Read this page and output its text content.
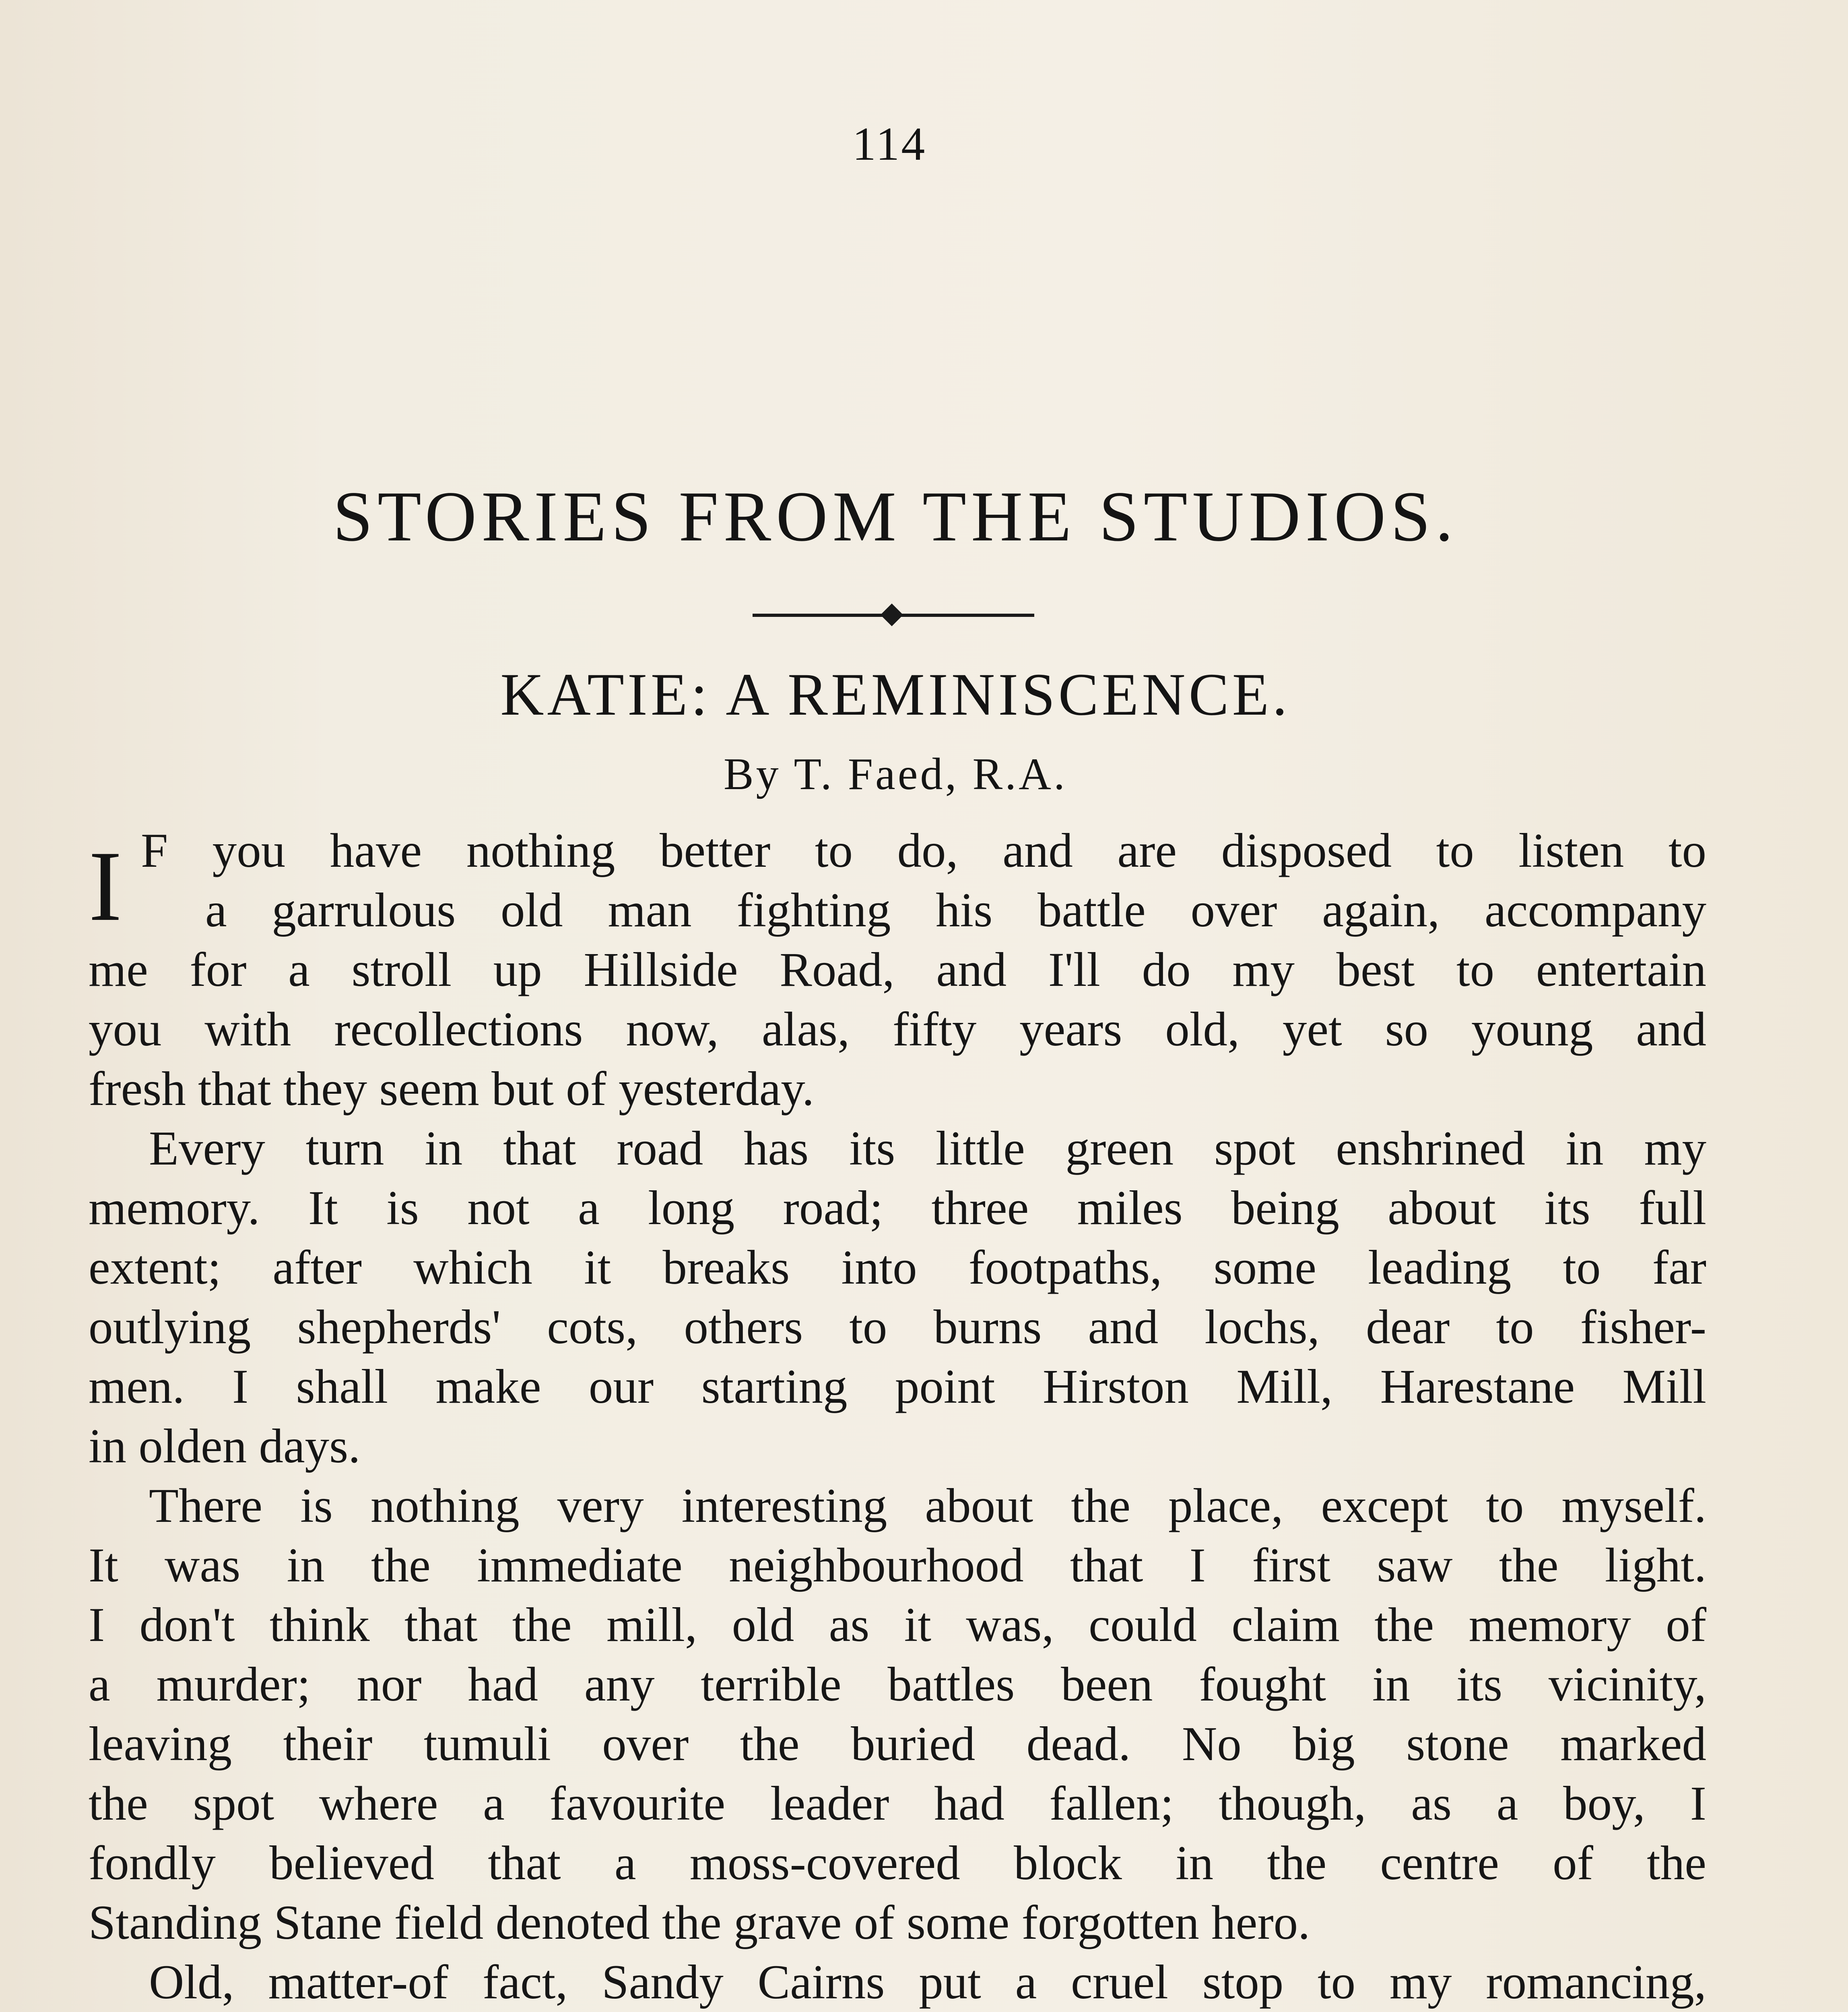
114
STORIES FROM THE STUDIOS.
KATIE: A REMINISCENCE.
By T. Faed, R.A.
I F you have nothing better to do, and are disposed to listen to
a garrulous old man fighting his battle over again, accompany
me for a stroll up Hillside Road, and I'll do my best to entertain
you with recollections now, alas, fifty years old, yet so young and
fresh that they seem but of yesterday.
Every turn in that road has its little green spot enshrined in my
memory. It is not a long road; three miles being about its full
extent; after which it breaks into footpaths, some leading to far
outlying shepherds' cots, others to burns and lochs, dear to fisher-
men. I shall make our starting point Hirston Mill, Harestane Mill
in olden days.
There is nothing very interesting about the place, except to myself.
It was in the immediate neighbourhood that I first saw the light.
I don't think that the mill, old as it was, could claim the memory of
a murder; nor had any terrible battles been fought in its vicinity,
leaving their tumuli over the buried dead. No big stone marked
the spot where a favourite leader had fallen; though, as a boy, I
fondly believed that a moss-covered block in the centre of the
Standing Stane field denoted the grave of some forgotten hero.
Old, matter-of fact, Sandy Cairns put a cruel stop to my romancing,
